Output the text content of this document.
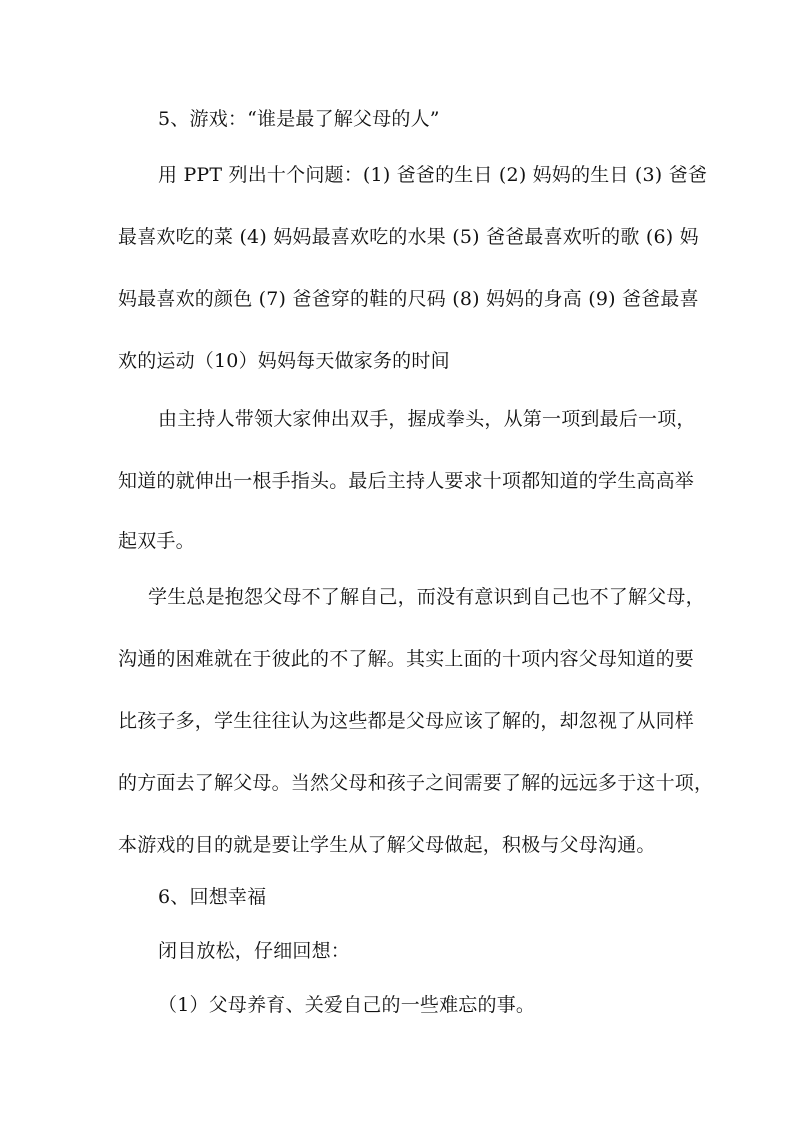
5、游戏：“谁是最了解父母的人”
用 PPT 列出十个问题：(1) 爸爸的生日 (2) 妈妈的生日 (3) 爸爸
最喜欢吃的菜 (4) 妈妈最喜欢吃的水果 (5) 爸爸最喜欢听的歌 (6) 妈
妈最喜欢的颜色 (7) 爸爸穿的鞋的尺码 (8) 妈妈的身高 (9) 爸爸最喜
欢的运动（10）妈妈每天做家务的时间
由主持人带领大家伸出双手，握成拳头，从第一项到最后一项，
知道的就伸出一根手指头。最后主持人要求十项都知道的学生高高举
起双手。
学生总是抱怨父母不了解自己，而没有意识到自己也不了解父母，
沟通的困难就在于彼此的不了解。其实上面的十项内容父母知道的要
比孩子多，学生往往认为这些都是父母应该了解的，却忽视了从同样
的方面去了解父母。当然父母和孩子之间需要了解的远远多于这十项，
本游戏的目的就是要让学生从了解父母做起，积极与父母沟通。
6、回想幸福
闭目放松，仔细回想：
（1）父母养育、关爱自己的一些难忘的事。
